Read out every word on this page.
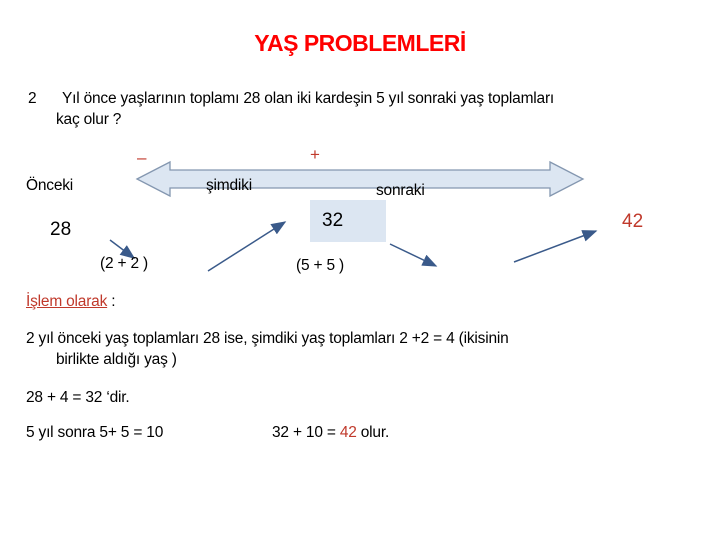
YAŞ PROBLEMLERİ
2 Yıl önce yaşlarının toplamı 28 olan iki kardeşin 5 yıl sonraki yaş toplamları
kaç olur ?
–	+
Önceki	şimdiki	sonraki
28	32	42
(2 + 2 )	(5 + 5 )
İşlem olarak :
2 yıl önceki yaş toplamları 28 ise, şimdiki yaş toplamları 2 +2 = 4 (ikisinin
birlikte aldığı yaş )
28 + 4 = 32 ‘dir.
5 yıl sonra 5+ 5 = 10	32 + 10 = 42 olur.
